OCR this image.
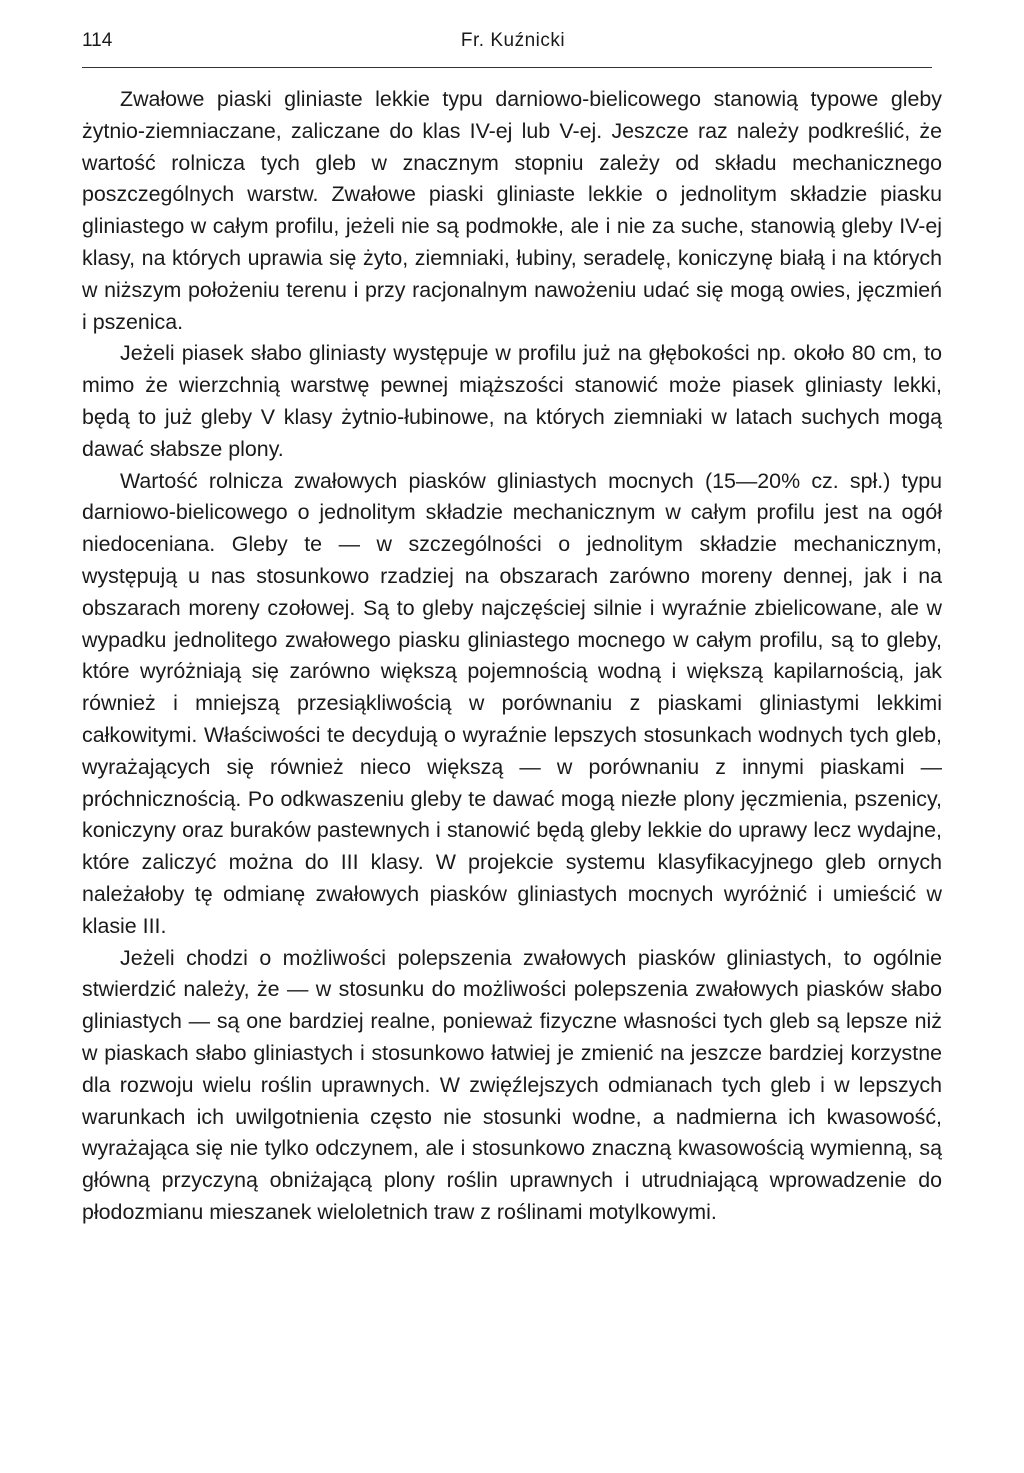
114	Fr. Kuźnicki

Zwałowe piaski gliniaste lekkie typu darniowo-bielicowego stanowią typowe gleby żytnio-ziemniaczane, zaliczane do klas IV-ej lub V-ej. Jeszcze raz należy podkreślić, że wartość rolnicza tych gleb w znacznym stopniu zależy od składu mechanicznego poszczególnych warstw. Zwałowe piaski gliniaste lekkie o jednolitym składzie piasku gliniastego w całym profilu, jeżeli nie są podmokłe, ale i nie za suche, stanowią gleby IV-ej klasy, na których uprawia się żyto, ziemniaki, łubiny, seradelę, koniczynę białą i na których w niższym położeniu terenu i przy racjonalnym nawożeniu udać się mogą owies, jęczmień i pszenica.

Jeżeli piasek słabo gliniasty występuje w profilu już na głębokości np. około 80 cm, to mimo że wierzchnią warstwę pewnej miąższości stanowić może piasek gliniasty lekki, będą to już gleby V klasy żytnio-łubinowe, na których ziemniaki w latach suchych mogą dawać słabsze plony.

Wartość rolnicza zwałowych piasków gliniastych mocnych (15—20% cz. spł.) typu darniowo-bielicowego o jednolitym składzie mechanicznym w całym profilu jest na ogół niedoceniana. Gleby te — w szczególności o jednolitym składzie mechanicznym, występują u nas stosunkowo rzadziej na obszarach zarówno moreny dennej, jak i na obszarach moreny czołowej. Są to gleby najczęściej silnie i wyraźnie zbielicowane, ale w wypadku jednolitego zwałowego piasku gliniastego mocnego w całym profilu, są to gleby, które wyróżniają się zarówno większą pojemnością wodną i większą kapilarnością, jak również i mniejszą przesiąkliwością w porównaniu z piaskami gliniastymi lekkimi całkowitymi. Właściwości te decydują o wyraźnie lepszych stosunkach wodnych tych gleb, wyrażających się również nieco większą — w porównaniu z innymi piaskami — próchnicznością. Po odkwaszeniu gleby te dawać mogą niezłe plony jęczmienia, pszenicy, koniczyny oraz buraków pastewnych i stanowić będą gleby lekkie do uprawy lecz wydajne, które zaliczyć można do III klasy. W projekcie systemu klasyfikacyjnego gleb ornych należałoby tę odmianę zwałowych piasków gliniastych mocnych wyróżnić i umieścić w klasie III.

Jeżeli chodzi o możliwości polepszenia zwałowych piasków gliniastych, to ogólnie stwierdzić należy, że — w stosunku do możliwości polepszenia zwałowych piasków słabo gliniastych — są one bardziej realne, ponieważ fizyczne własności tych gleb są lepsze niż w piaskach słabo gliniastych i stosunkowo łatwiej je zmienić na jeszcze bardziej korzystne dla rozwoju wielu roślin uprawnych. W zwięźlejszych odmianach tych gleb i w lepszych warunkach ich uwilgotnienia często nie stosunki wodne, a nadmierna ich kwasowość, wyrażająca się nie tylko odczynem, ale i stosunkowo znaczną kwasowością wymienną, są główną przyczyną obniżającą plony roślin uprawnych i utrudniającą wprowadzenie do płodozmianu mieszanek wieloletnich traw z roślinami motylkowymi.
